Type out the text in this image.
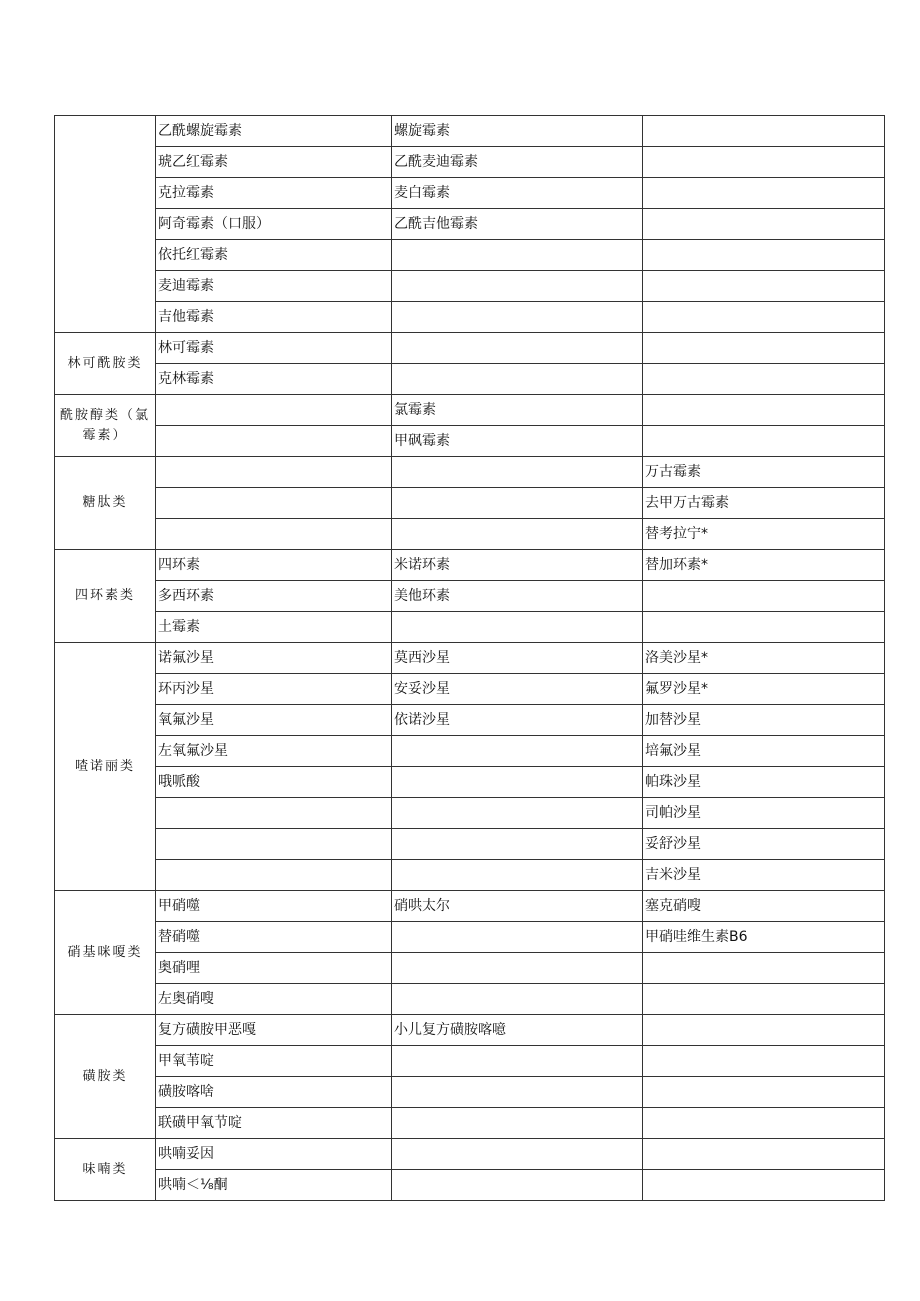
	乙酰螺旋霉素	螺旋霉素	
	琥乙红霉素	乙酰麦迪霉素	
	克拉霉素	麦白霉素	
	阿奇霉素（口服）	乙酰吉他霉素	
	依托红霉素		
	麦迪霉素		
	吉他霉素		
林可酰胺类	林可霉素		
	克林霉素		
酰胺醇类（氯霉素）		氯霉素	
		甲砜霉素	
糖肽类			万古霉素
			去甲万古霉素
			替考拉宁*
四环素类	四环素	米诺环素	替加环素*
	多西环素	美他环素	
	土霉素		
喳诺丽类	诺氟沙星	莫西沙星	洛美沙星*
	环丙沙星	安妥沙星	氟罗沙星*
	氧氟沙星	依诺沙星	加替沙星
	左氧氟沙星		培氟沙星
	哦哌酸		帕珠沙星
			司帕沙星
			妥舒沙星
			吉米沙星
硝基咪嗄类	甲硝噬	硝哄太尔	塞克硝嗖
	替硝噬		甲硝哇维生素B6
	奥硝哩		
	左奥硝嗖		
磺胺类	复方磺胺甲恶嘎	小儿复方磺胺喀噫	
	甲氧苇啶		
	磺胺喀啥		
	联磺甲氧节啶		
味喃类	哄喃妥因		
	哄喃＜⅛酮		
